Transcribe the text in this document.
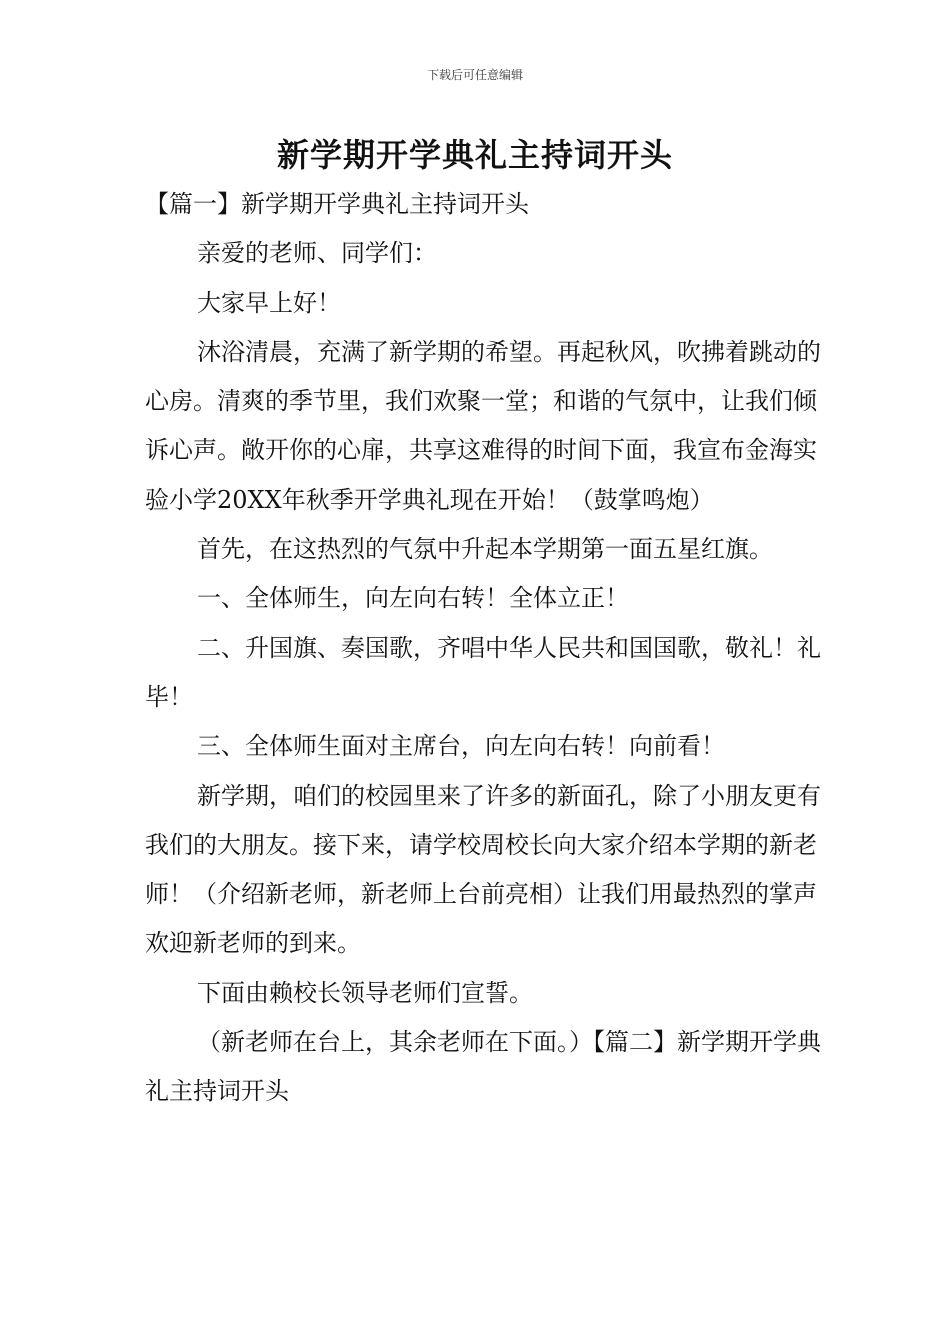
下载后可任意编辑
新学期开学典礼主持词开头

【篇一】新学期开学典礼主持词开头

亲爱的老师、同学们：

大家早上好！

沐浴清晨，充满了新学期的希望。再起秋风，吹拂着跳动的心房。清爽的季节里，我们欢聚一堂；和谐的气氛中，让我们倾诉心声。敞开你的心扉，共享这难得的时间下面，我宣布金海实验小学20XX年秋季开学典礼现在开始！（鼓掌鸣炮）

首先，在这热烈的气氛中升起本学期第一面五星红旗。

一、全体师生，向左向右转！全体立正！

二、升国旗、奏国歌，齐唱中华人民共和国国歌，敬礼！礼毕！

三、全体师生面对主席台，向左向右转！向前看！

新学期，咱们的校园里来了许多的新面孔，除了小朋友更有我们的大朋友。接下来，请学校周校长向大家介绍本学期的新老师！（介绍新老师，新老师上台前亮相）让我们用最热烈的掌声欢迎新老师的到来。

下面由赖校长领导老师们宣誓。

（新老师在台上，其余老师在下面。）【篇二】新学期开学典礼主持词开头
